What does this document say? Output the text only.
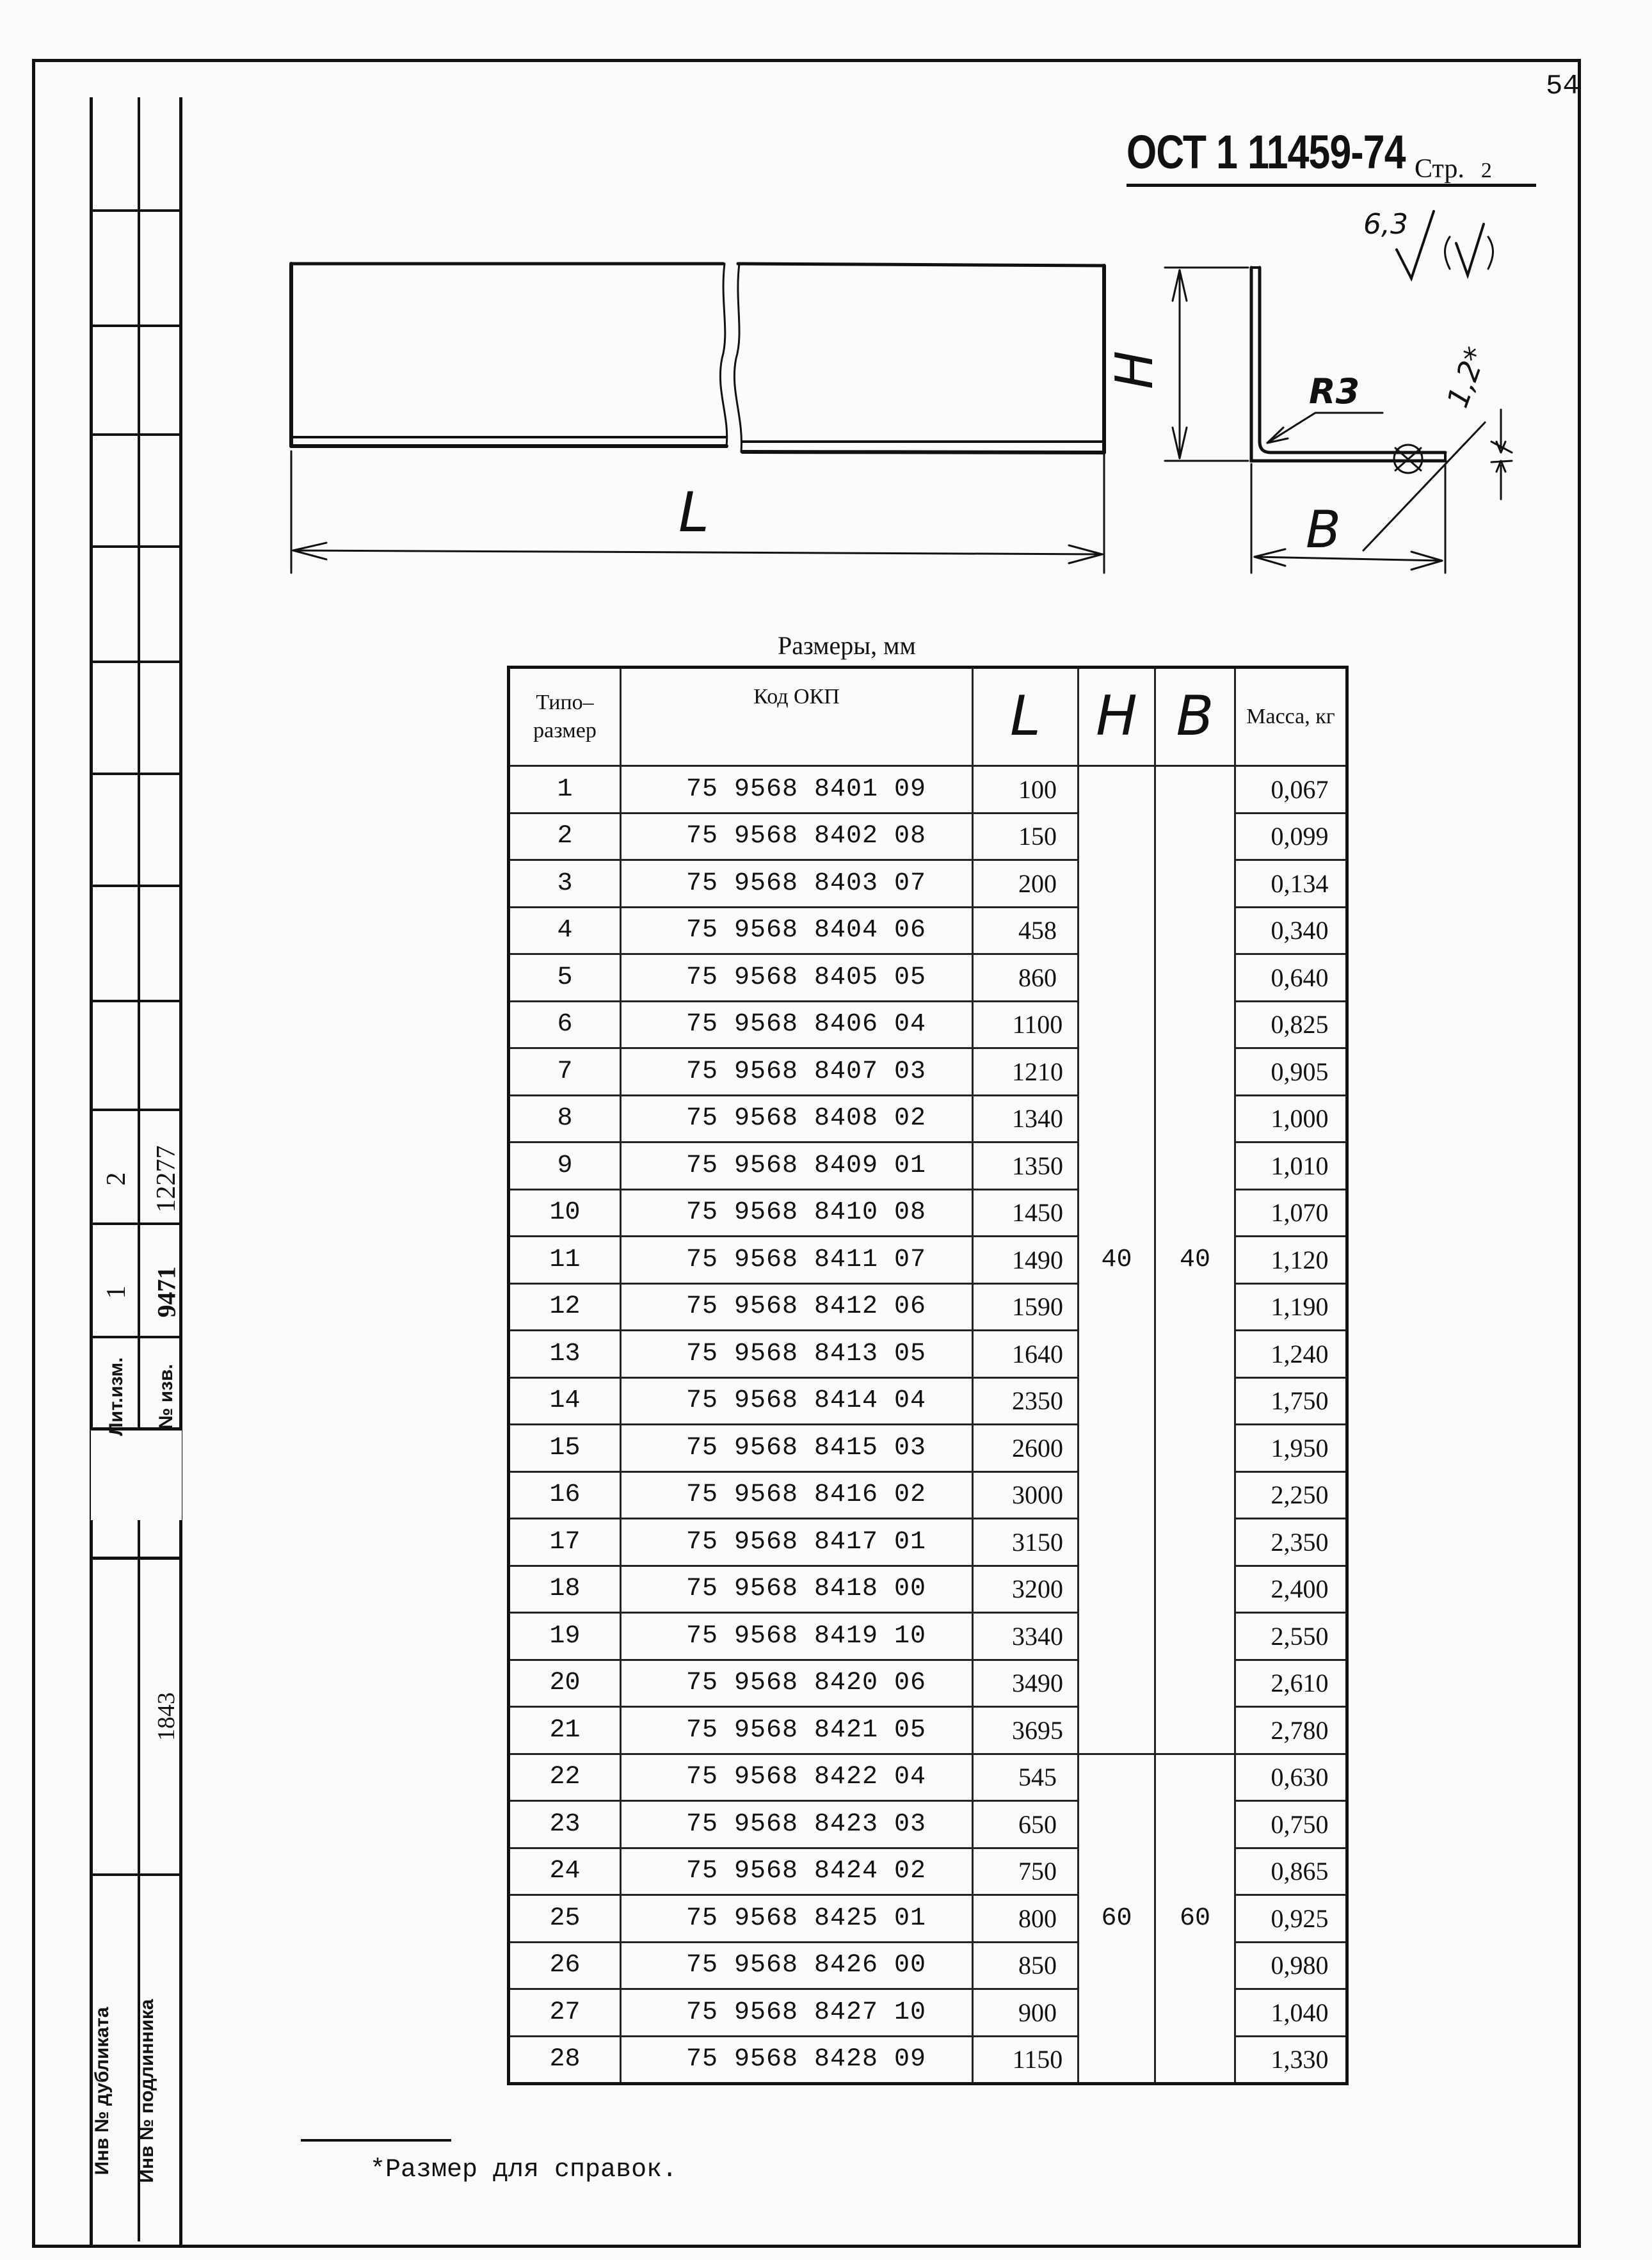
54
ОСТ 1 11459-74 Стр. 2
2 12277
1 9471
Лит.изм. № изв.
1843
Инв № дубликата Инв № подлинника
L
H
B
R3	1,2*
6,3
Размеры, мм
Типо–размер	Код ОКП	L	H	B	Масса, кг
1	75 9568 8401 09	100	40	40	0,067
2	75 9568 8402 08	150			0,099
3	75 9568 8403 07	200			0,134
4	75 9568 8404 06	458			0,340
5	75 9568 8405 05	860			0,640
6	75 9568 8406 04	1100			0,825
7	75 9568 8407 03	1210			0,905
8	75 9568 8408 02	1340			1,000
9	75 9568 8409 01	1350			1,010
10	75 9568 8410 08	1450			1,070
11	75 9568 8411 07	1490			1,120
12	75 9568 8412 06	1590			1,190
13	75 9568 8413 05	1640			1,240
14	75 9568 8414 04	2350			1,750
15	75 9568 8415 03	2600			1,950
16	75 9568 8416 02	3000			2,250
17	75 9568 8417 01	3150			2,350
18	75 9568 8418 00	3200			2,400
19	75 9568 8419 10	3340			2,550
20	75 9568 8420 06	3490			2,610
21	75 9568 8421 05	3695			2,780
22	75 9568 8422 04	545	60	60	0,630
23	75 9568 8423 03	650			0,750
24	75 9568 8424 02	750			0,865
25	75 9568 8425 01	800			0,925
26	75 9568 8426 00	850			0,980
27	75 9568 8427 10	900			1,040
28	75 9568 8428 09	1150			1,330
*Размер для справок.
